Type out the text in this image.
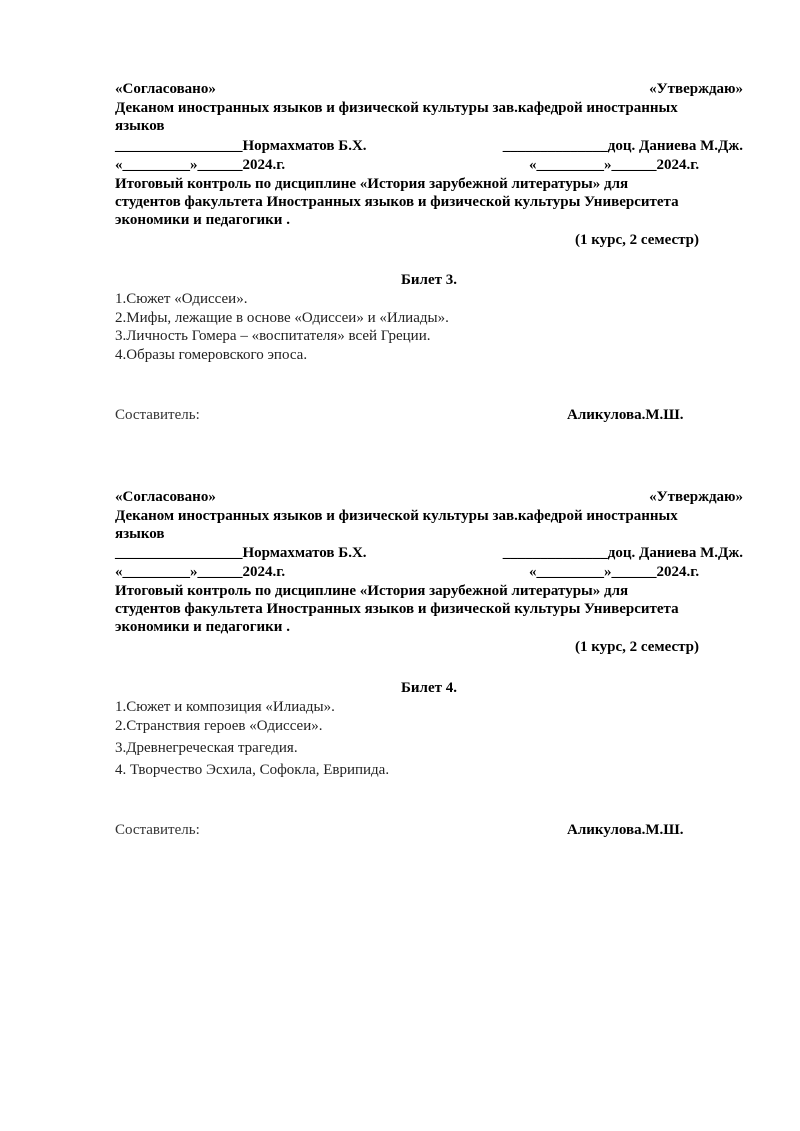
«Согласовано»	«Утверждаю»
Деканом иностранных языков и физической культуры зав.кафедрой иностранных
языков
_________________Нормахматов Б.Х.	______________доц. Даниева М.Дж.
«_________»______2024.г.	«_________»______2024.г.
Итоговый контроль по дисциплине «История зарубежной литературы» для
студентов факультета Иностранных языков и физической культуры Университета
экономики и педагогики .
(1 курс, 2 семестр)
Билет 3.
1.Сюжет «Одиссеи».
2.Мифы, лежащие в основе «Одиссеи» и «Илиады».
3.Личность Гомера – «воспитателя» всей Греции.
4.Образы гомеровского эпоса.
Составитель:	Аликулова.М.Ш.
«Согласовано»	«Утверждаю»
Деканом иностранных языков и физической культуры зав.кафедрой иностранных
языков
_________________Нормахматов Б.Х.	______________доц. Даниева М.Дж.
«_________»______2024.г.	«_________»______2024.г.
Итоговый контроль по дисциплине «История зарубежной литературы» для
студентов факультета Иностранных языков и физической культуры Университета
экономики и педагогики .
(1 курс, 2 семестр)
Билет 4.
1.Сюжет и композиция «Илиады».
2.Странствия героев «Одиссеи».
3.Древнегреческая трагедия.
4. Творчество Эсхила, Софокла, Еврипида.
Составитель:	Аликулова.М.Ш.
